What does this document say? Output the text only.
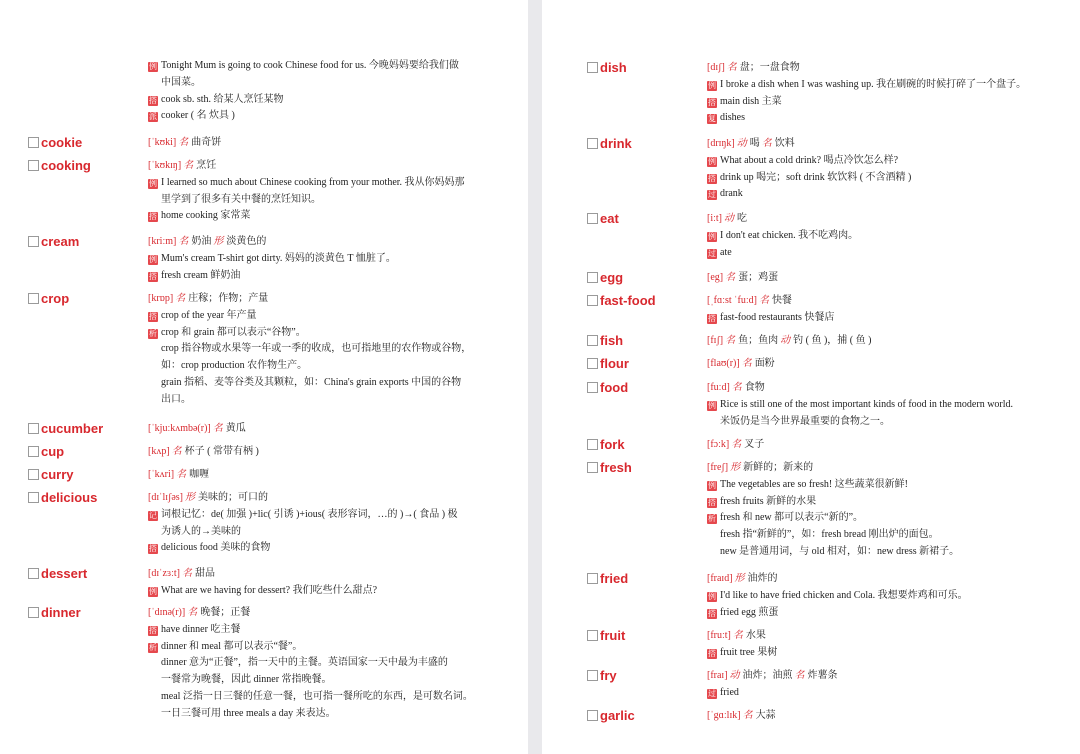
例 Tonight Mum is going to cook Chinese food for us. 今晚妈妈要给我们做
中国菜。
搭 cook sb. sth. 给某人烹饪某物
派 cooker ( 名 炊具 )
cookie	[ˈkʊki] 名 曲奇饼
cooking	[ˈkʊkɪŋ] 名 烹饪
例 I learned so much about Chinese cooking from your mother. 我从你妈妈那
里学到了很多有关中餐的烹饪知识。
搭 home cooking 家常菜
cream	[kriːm] 名 奶油 形 淡黄色的
例 Mum's cream T-shirt got dirty. 妈妈的淡黄色 T 恤脏了。
搭 fresh cream 鲜奶油
crop	[krɒp] 名 庄稼；作物；产量
搭 crop of the year 年产量
析 crop 和 grain 都可以表示“谷物”。
crop 指谷物或水果等一年或一季的收成，也可指地里的农作物或谷物，
如：crop production 农作物生产。
grain 指稻、麦等谷类及其颗粒，如：China's grain exports 中国的谷物
出口。
cucumber	[ˈkjuːkʌmbə(r)] 名 黄瓜
cup	[kʌp] 名 杯子 ( 常带有柄 )
curry	[ˈkʌri] 名 咖喱
delicious	[dɪˈlɪʃəs] 形 美味的；可口的
记 词根记忆：de( 加强 )+lic( 引诱 )+ious( 表形容词，…的 )→( 食品 ) 极
为诱人的→美味的
搭 delicious food 美味的食物
dessert	[dɪˈzɜːt] 名 甜品
例 What are we having for dessert? 我们吃些什么甜点?
dinner	[ˈdɪnə(r)] 名 晚餐；正餐
搭 have dinner 吃主餐
析 dinner 和 meal 都可以表示“餐”。
dinner 意为“正餐”，指一天中的主餐。英语国家一天中最为丰盛的
一餐常为晚餐，因此 dinner 常指晚餐。
meal 泛指一日三餐的任意一餐，也可指一餐所吃的东西，是可数名词。
一日三餐可用 three meals a day 来表达。
dish	[dɪʃ] 名 盘；一盘食物
例 I broke a dish when I was washing up. 我在刷碗的时候打碎了一个盘子。
搭 main dish 主菜
复 dishes
drink	[drɪŋk] 动 喝 名 饮料
例 What about a cold drink? 喝点冷饮怎么样?
搭 drink up 喝完；soft drink 软饮料 ( 不含酒精 )
过 drank
eat	[iːt] 动 吃
例 I don't eat chicken. 我不吃鸡肉。
过 ate
egg	[eg] 名 蛋；鸡蛋
fast-food	[ˌfɑːst ˈfuːd] 名 快餐
搭 fast-food restaurants 快餐店
fish	[fɪʃ] 名 鱼；鱼肉 动 钓 ( 鱼 )，捕 ( 鱼 )
flour	[flaʊ(r)] 名 面粉
food	[fuːd] 名 食物
例 Rice is still one of the most important kinds of food in the modern world.
米饭仍是当今世界最重要的食物之一。
fork	[fɔːk] 名 叉子
fresh	[freʃ] 形 新鲜的；新来的
例 The vegetables are so fresh! 这些蔬菜很新鲜!
搭 fresh fruits 新鲜的水果
析 fresh 和 new 都可以表示“新的”。
fresh 指“新鲜的”，如：fresh bread 刚出炉的面包。
new 是普通用词，与 old 相对，如：new dress 新裙子。
fried	[fraɪd] 形 油炸的
例 I'd like to have fried chicken and Cola. 我想要炸鸡和可乐。
搭 fried egg 煎蛋
fruit	[fruːt] 名 水果
搭 fruit tree 果树
fry	[fraɪ] 动 油炸；油煎 名 炸薯条
过 fried
garlic	[ˈgɑːlɪk] 名 大蒜
